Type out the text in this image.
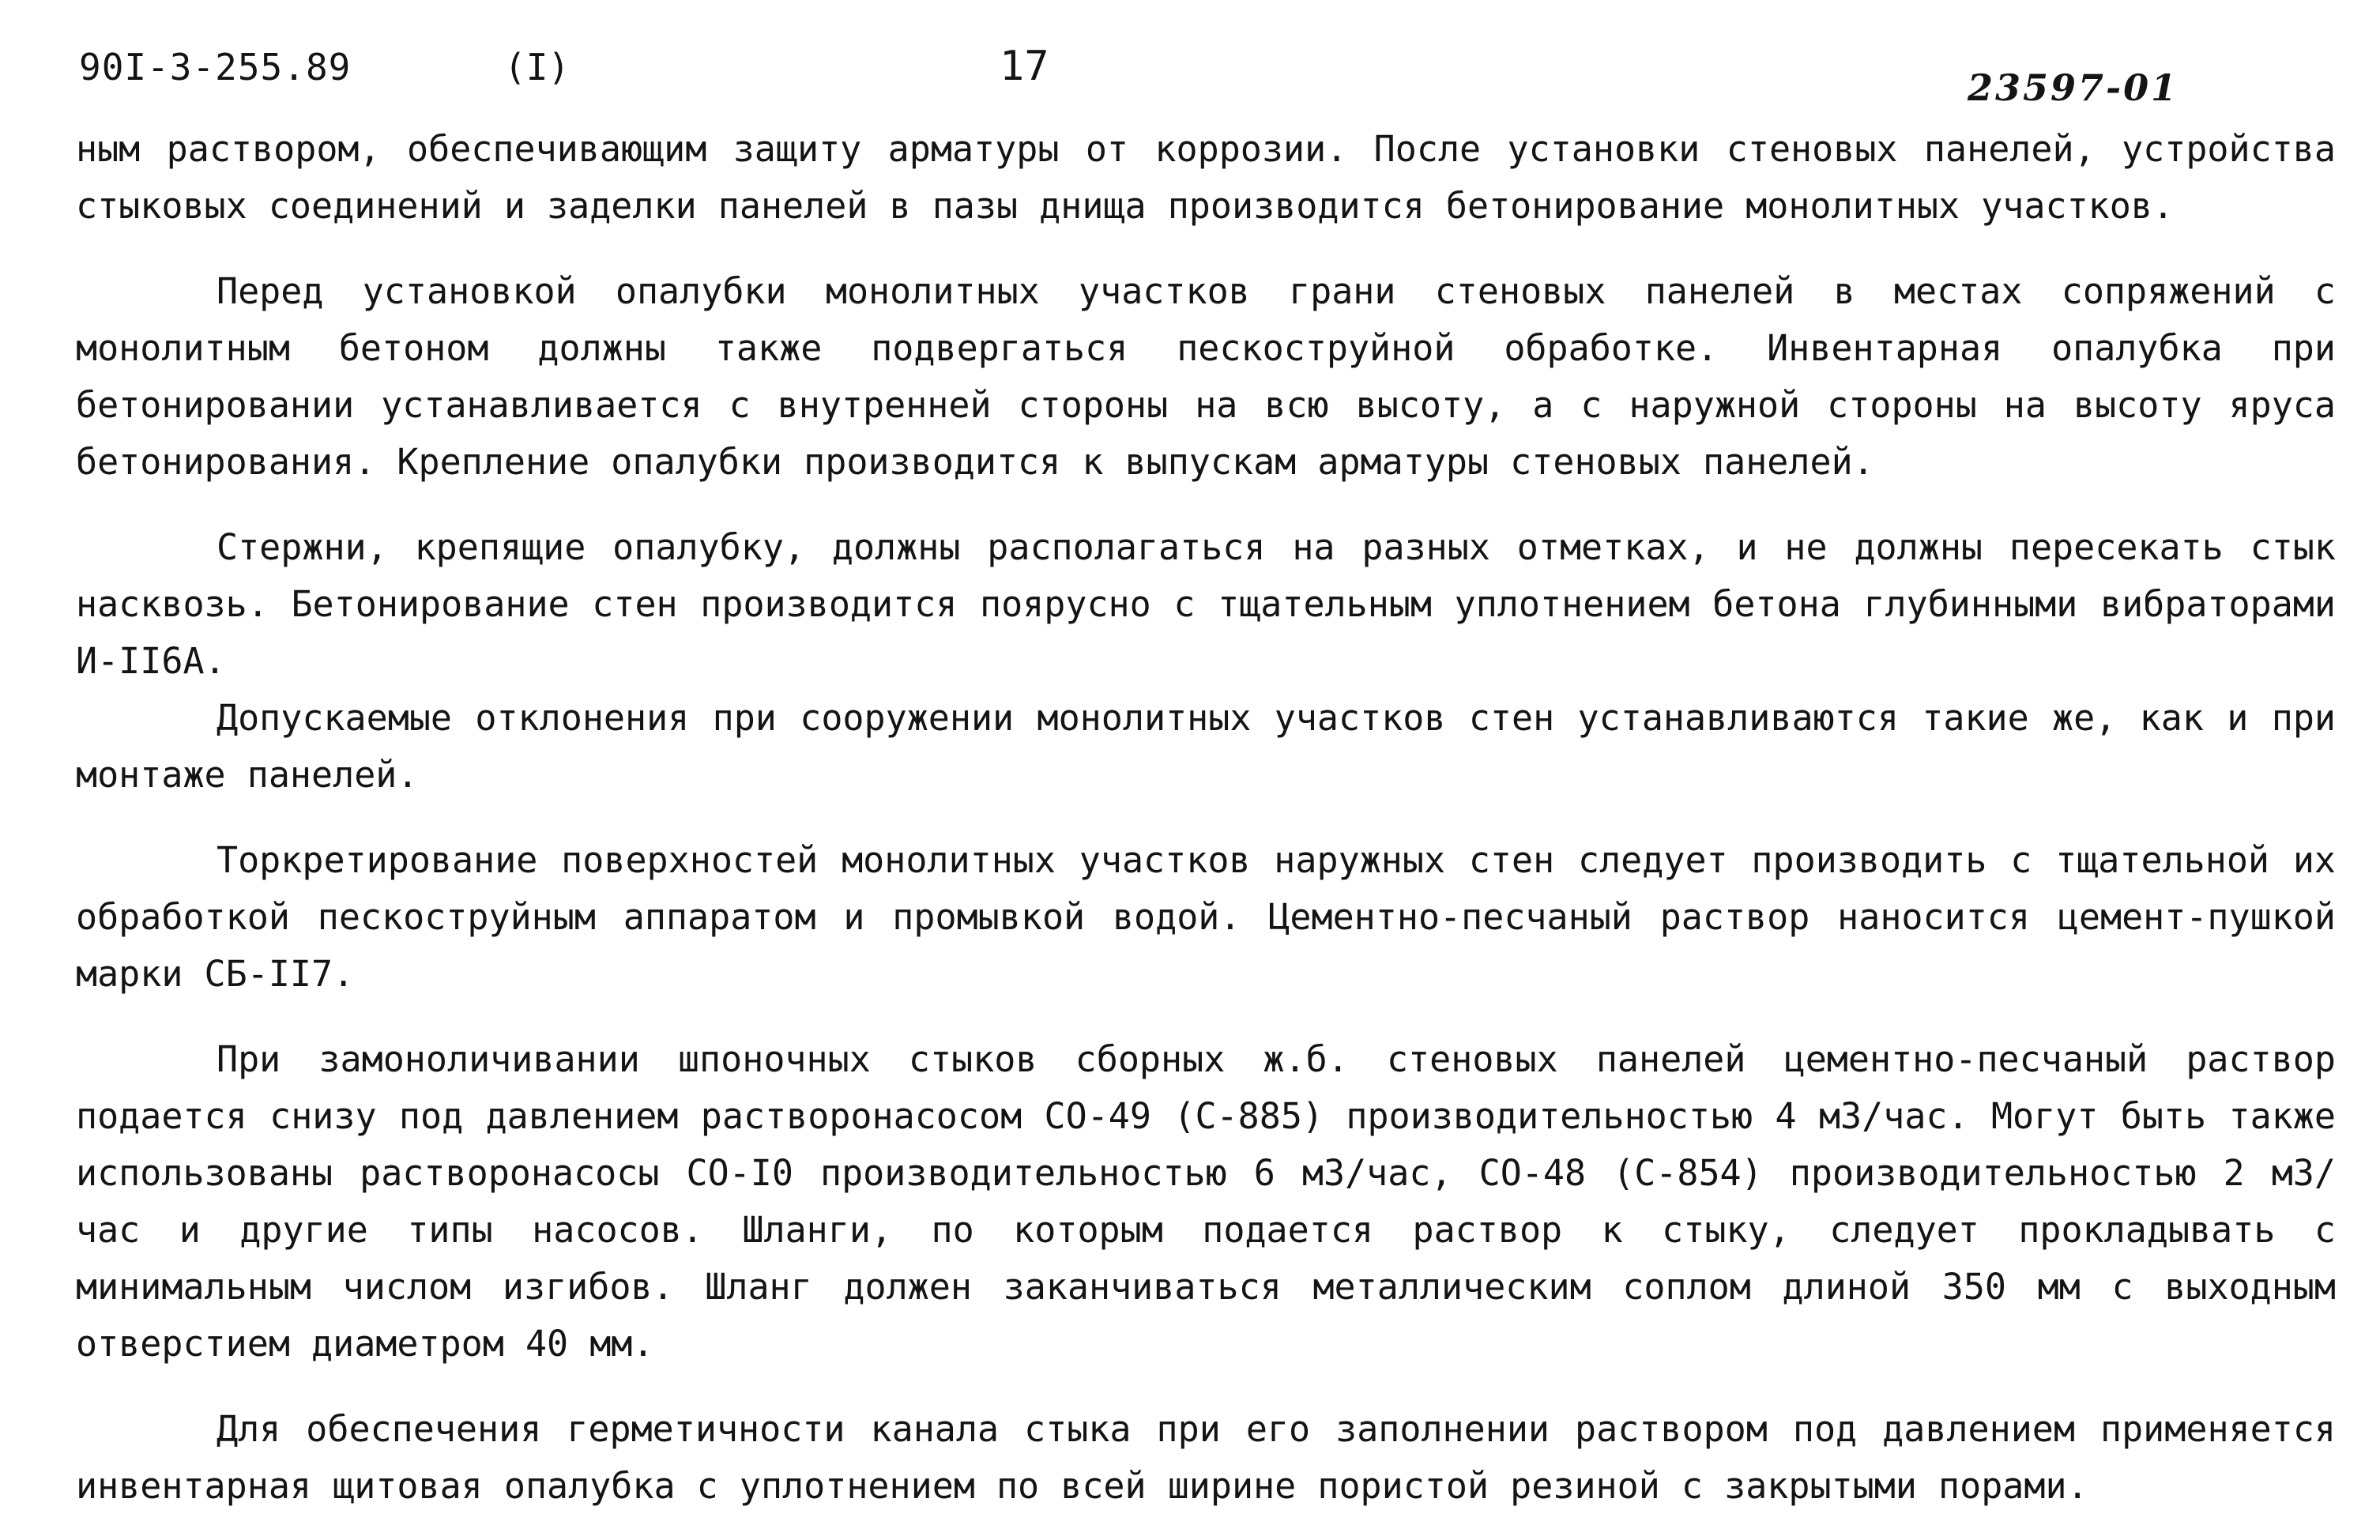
90I-3-255.89	(I)	17	23597-01

ным раствором, обеспечивающим защиту арматуры от коррозии. После установки стеновых панелей, устройства стыковых соединений и заделки панелей в пазы днища производится бетонирование монолитных участков.

Перед установкой опалубки монолитных участков грани стеновых панелей в местах сопряжений с монолитным бетоном должны также подвергаться пескоструйной обработке. Инвентарная опалубка при бетонировании устанавливается с внутренней стороны на всю высоту, а с наружной стороны на высоту яруса бетонирования. Крепление опалубки производится к выпускам арматуры стеновых панелей.

Стержни, крепящие опалубку, должны располагаться на разных отметках, и не должны пересекать стык насквозь. Бетонирование стен производится поярусно с тщательным уплотнением бетона глубинными вибраторами И-II6А.

Допускаемые отклонения при сооружении монолитных участков стен устанавливаются такие же, как и при монтаже панелей.

Торкретирование поверхностей монолитных участков наружных стен следует производить с тщательной их обработкой пескоструйным аппаратом и промывкой водой. Цементно-песчаный раствор наносится цемент-пушкой марки СБ-II7.

При замоноличивании шпоночных стыков сборных ж.б. стеновых панелей цементно-песчаный раствор подается снизу под давлением растворонасосом СО-49 (С-885) производительностью 4 м3/час. Могут быть также использованы растворонасосы СО-I0 производительностью 6 м3/час, СО-48 (С-854) производительностью 2 м3/час и другие типы насосов. Шланги, по которым подается раствор к стыку, следует прокладывать с минимальным числом изгибов. Шланг должен заканчиваться металлическим соплом длиной 350 мм с выходным отверстием диаметром 40 мм.

Для обеспечения герметичности канала стыка при его заполнении раствором под давлением применяется инвентарная щитовая опалубка с уплотнением по всей ширине пористой резиной с закрытыми порами.
